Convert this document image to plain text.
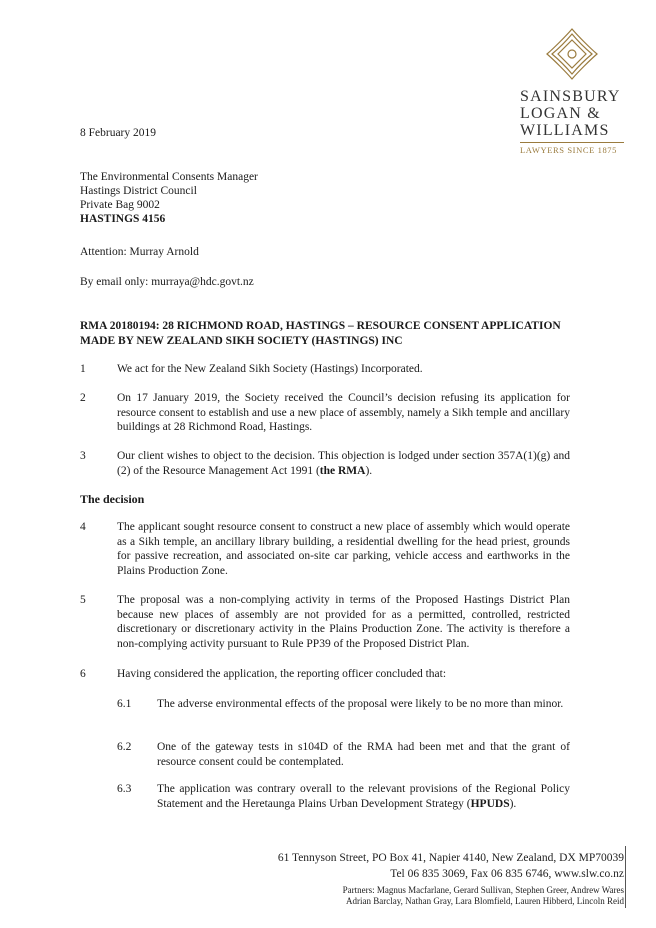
SAINSBURY
LOGAN &
WILLIAMS
LAWYERS SINCE 1875
8 February 2019
The Environmental Consents Manager
Hastings District Council
Private Bag 9002
HASTINGS 4156
Attention: Murray Arnold
By email only: murraya@hdc.govt.nz
RMA 20180194: 28 RICHMOND ROAD, HASTINGS – RESOURCE CONSENT APPLICATION MADE BY NEW ZEALAND SIKH SOCIETY (HASTINGS) INC
1	We act for the New Zealand Sikh Society (Hastings) Incorporated.
2	On 17 January 2019, the Society received the Council’s decision refusing its application for resource consent to establish and use a new place of assembly, namely a Sikh temple and ancillary buildings at 28 Richmond Road, Hastings.
3	Our client wishes to object to the decision. This objection is lodged under section 357A(1)(g) and (2) of the Resource Management Act 1991 (the RMA).
The decision
4	The applicant sought resource consent to construct a new place of assembly which would operate as a Sikh temple, an ancillary library building, a residential dwelling for the head priest, grounds for passive recreation, and associated on-site car parking, vehicle access and earthworks in the Plains Production Zone.
5	The proposal was a non-complying activity in terms of the Proposed Hastings District Plan because new places of assembly are not provided for as a permitted, controlled, restricted discretionary or discretionary activity in the Plains Production Zone. The activity is therefore a non-complying activity pursuant to Rule PP39 of the Proposed District Plan.
6	Having considered the application, the reporting officer concluded that:
6.1 The adverse environmental effects of the proposal were likely to be no more than minor.
6.2 One of the gateway tests in s104D of the RMA had been met and that the grant of resource consent could be contemplated.
6.3 The application was contrary overall to the relevant provisions of the Regional Policy Statement and the Heretaunga Plains Urban Development Strategy (HPUDS).
61 Tennyson Street, PO Box 41, Napier 4140, New Zealand, DX MP70039
Tel 06 835 3069, Fax 06 835 6746, www.slw.co.nz
Partners: Magnus Macfarlane, Gerard Sullivan, Stephen Greer, Andrew Wares
Adrian Barclay, Nathan Gray, Lara Blomfield, Lauren Hibberd, Lincoln Reid
